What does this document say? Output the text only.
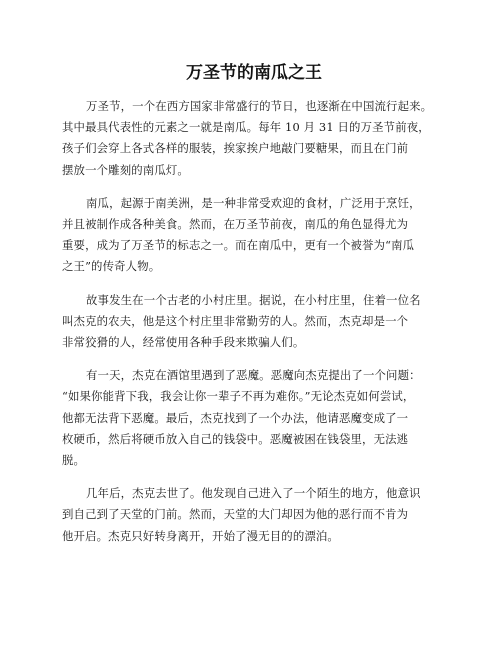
万圣节的南瓜之王
万圣节，一个在西方国家非常盛行的节日，也逐渐在中国流行起来。
其中最具代表性的元素之一就是南瓜。每年 10 月 31 日的万圣节前夜，
孩子们会穿上各式各样的服装，挨家挨户地敲门要糖果，而且在门前
摆放一个雕刻的南瓜灯。
南瓜，起源于南美洲，是一种非常受欢迎的食材，广泛用于烹饪，
并且被制作成各种美食。然而，在万圣节前夜，南瓜的角色显得尤为
重要，成为了万圣节的标志之一。而在南瓜中，更有一个被誉为“南瓜
之王”的传奇人物。
故事发生在一个古老的小村庄里。据说，在小村庄里，住着一位名
叫杰克的农夫，他是这个村庄里非常勤劳的人。然而，杰克却是一个
非常狡猾的人，经常使用各种手段来欺骗人们。
有一天，杰克在酒馆里遇到了恶魔。恶魔向杰克提出了一个问题：
“如果你能背下我，我会让你一辈子不再为难你。”无论杰克如何尝试，
他都无法背下恶魔。最后，杰克找到了一个办法，他请恶魔变成了一
枚硬币，然后将硬币放入自己的钱袋中。恶魔被困在钱袋里，无法逃
脱。
几年后，杰克去世了。他发现自己进入了一个陌生的地方，他意识
到自己到了天堂的门前。然而，天堂的大门却因为他的恶行而不肯为
他开启。杰克只好转身离开，开始了漫无目的的漂泊。
